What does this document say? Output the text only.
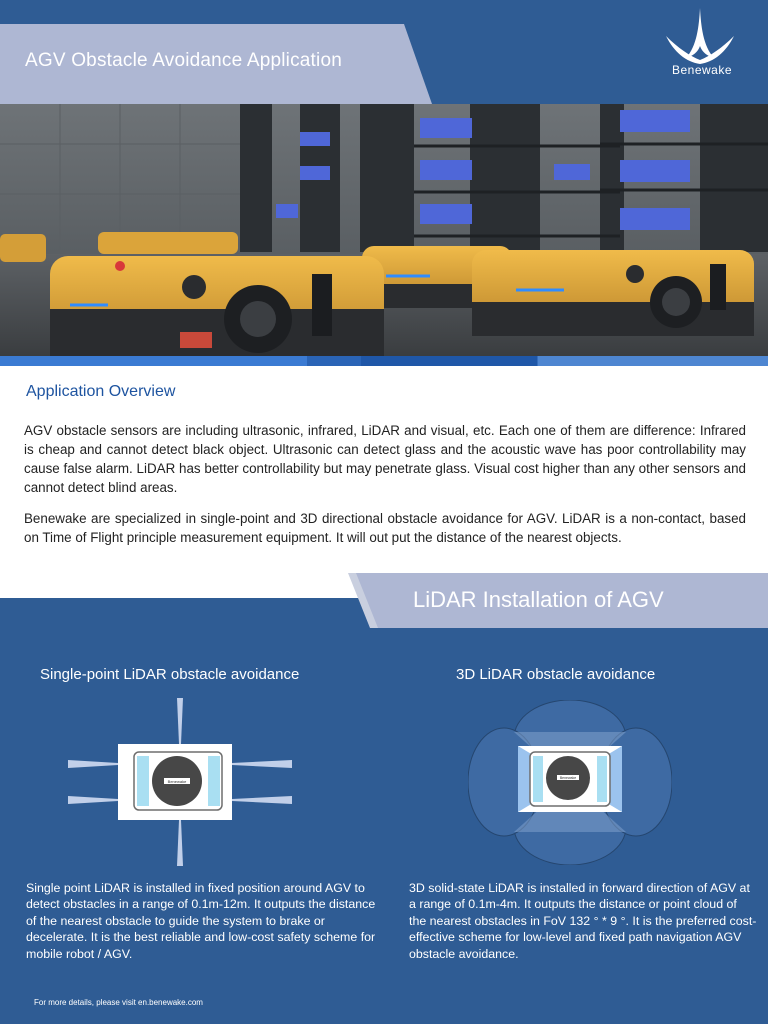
AGV Obstacle Avoidance Application	Benewake
Application Overview

AGV obstacle sensors are including ultrasonic, infrared, LiDAR and visual, etc. Each one of them are difference: Infrared is cheap and cannot detect black object. Ultrasonic can detect glass and the acoustic wave has poor controllability may cause false alarm. LiDAR has better controllability but may penetrate glass. Visual cost higher than any other sensors and cannot detect blind areas.

Benewake are specialized in single-point and 3D directional obstacle avoidance for AGV. LiDAR is a non-contact, based on Time of Flight principle measurement equipment. It will out put the distance of the nearest objects.

LiDAR Installation of AGV
Single-point LiDAR obstacle avoidance	3D LiDAR obstacle avoidance
Benewake
Benewake

Single point LiDAR is installed in fixed position around AGV to detect obstacles in a range of 0.1m-12m. It outputs the distance of the nearest obstacle to guide the system to brake or decelerate. It is the best reliable and low-cost safety scheme for mobile robot / AGV.

3D solid-state LiDAR is installed in forward direction of AGV at a range of 0.1m-4m. It outputs the distance or point cloud of the nearest obstacles in FoV 132 ° * 9 °. It is the preferred cost-effective scheme for low-level and fixed path navigation AGV obstacle avoidance.

For more details, please visit en.benewake.com
